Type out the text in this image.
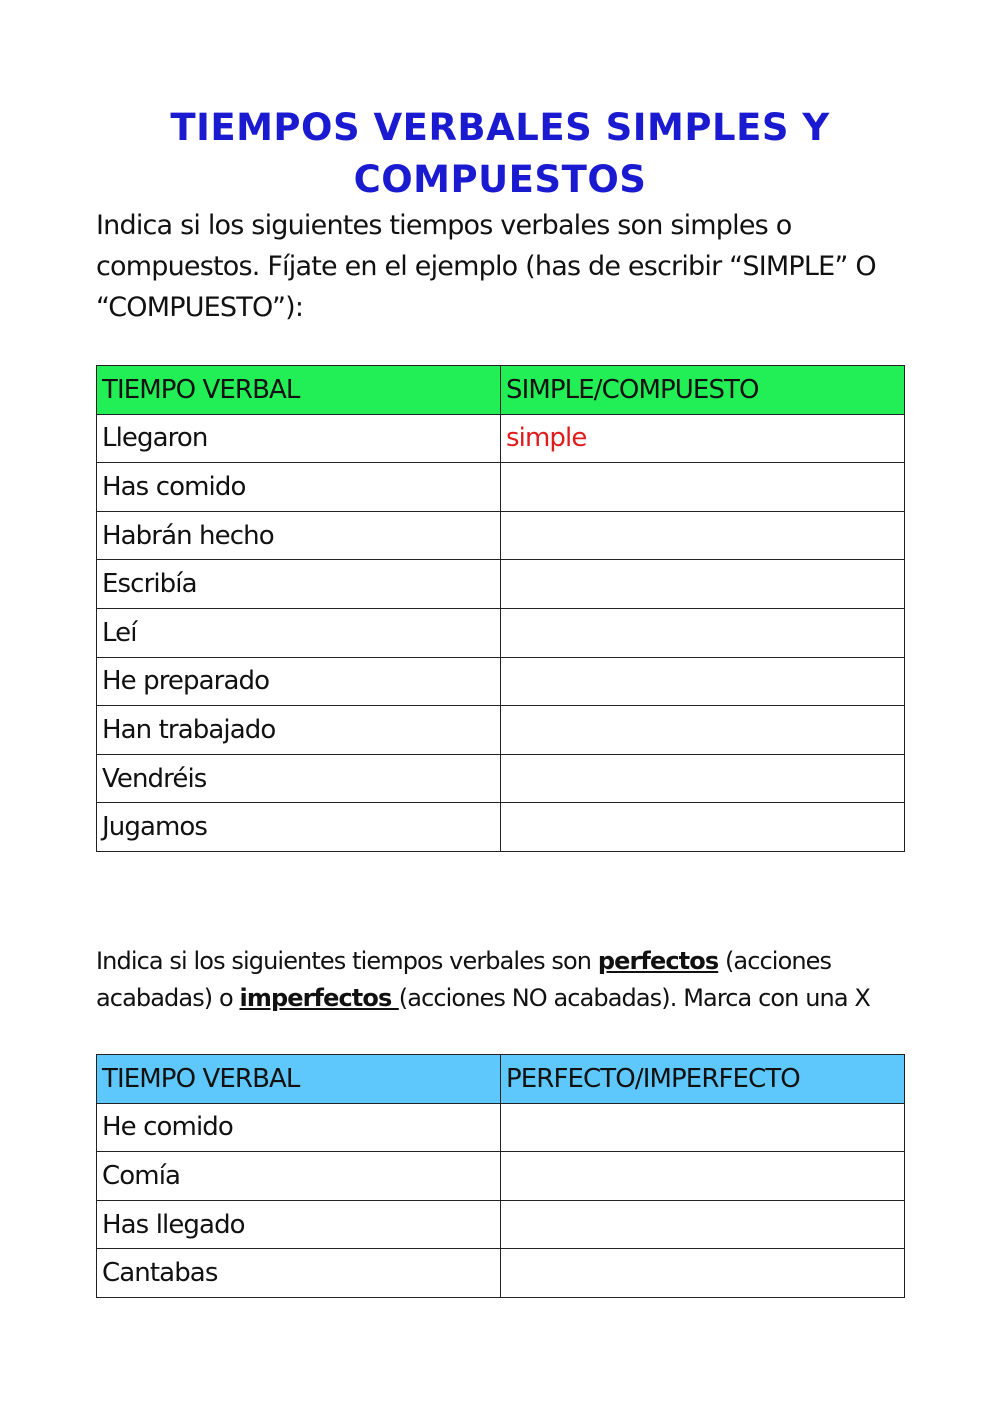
TIEMPOS VERBALES SIMPLES Y
COMPUESTOS
Indica si los siguientes tiempos verbales son simples o compuestos. Fíjate en el ejemplo (has de escribir “SIMPLE” O “COMPUESTO”):
TIEMPO VERBAL	SIMPLE/COMPUESTO
Llegaron	simple
Has comido	
Habrán hecho	
Escribía	
Leí	
He preparado	
Han trabajado	
Vendréis	
Jugamos	
Indica si los siguientes tiempos verbales son perfectos (acciones acabadas) o imperfectos (acciones NO acabadas). Marca con una X
TIEMPO VERBAL	PERFECTO/IMPERFECTO
He comido	
Comía	
Has llegado	
Cantabas	
